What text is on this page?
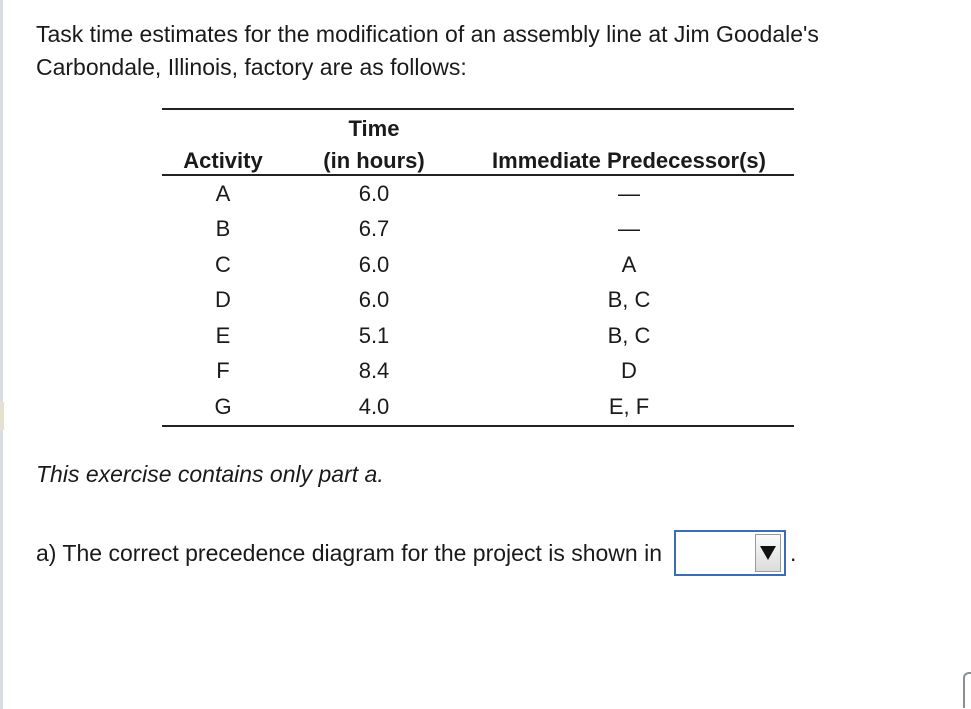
Task time estimates for the modification of an assembly line at Jim Goodale's
Carbondale, Illinois, factory are as follows:

	Time	
Activity	(in hours)	Immediate Predecessor(s)
A	6.0	—
B	6.7	—
C	6.0	A
D	6.0	B, C
E	5.1	B, C
F	8.4	D
G	4.0	E, F

This exercise contains only part a.

a) The correct precedence diagram for the project is shown in	.
